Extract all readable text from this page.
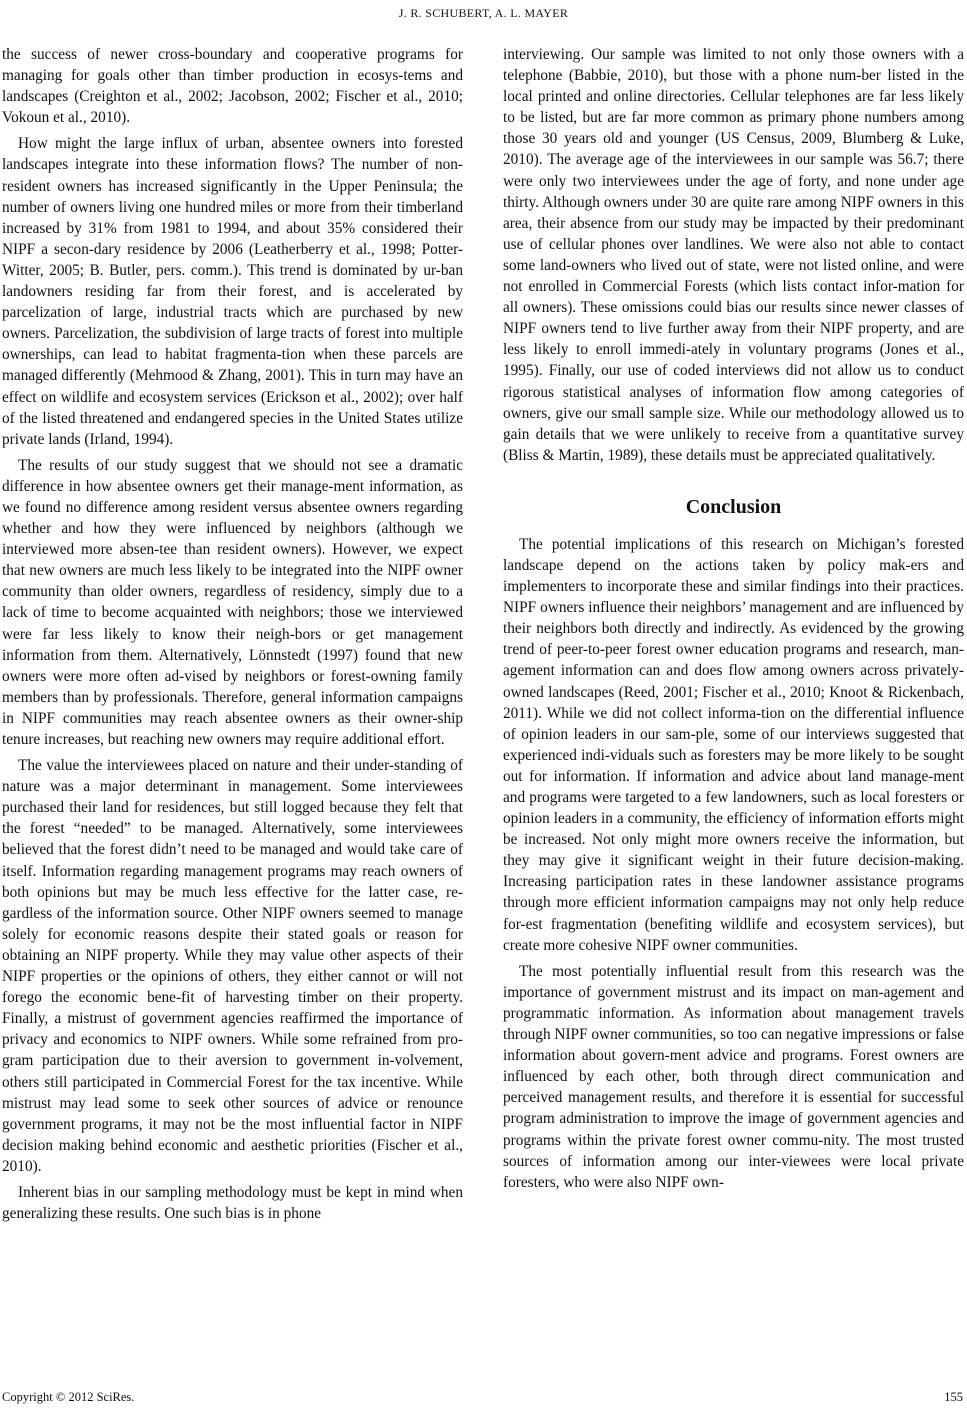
J. R. SCHUBERT, A. L. MAYER

the success of newer cross-boundary and cooperative programs for managing for goals other than timber production in ecosys-tems and landscapes (Creighton et al., 2002; Jacobson, 2002; Fischer et al., 2010; Vokoun et al., 2010).

How might the large influx of urban, absentee owners into forested landscapes integrate into these information flows? The number of non-resident owners has increased significantly in the Upper Peninsula; the number of owners living one hundred miles or more from their timberland increased by 31% from 1981 to 1994, and about 35% considered their NIPF a secon-dary residence by 2006 (Leatherberry et al., 1998; Potter-Witter, 2005; B. Butler, pers. comm.). This trend is dominated by ur-ban landowners residing far from their forest, and is accelerated by parcelization of large, industrial tracts which are purchased by new owners. Parcelization, the subdivision of large tracts of forest into multiple ownerships, can lead to habitat fragmenta-tion when these parcels are managed differently (Mehmood & Zhang, 2001). This in turn may have an effect on wildlife and ecosystem services (Erickson et al., 2002); over half of the listed threatened and endangered species in the United States utilize private lands (Irland, 1994).

The results of our study suggest that we should not see a dramatic difference in how absentee owners get their manage-ment information, as we found no difference among resident versus absentee owners regarding whether and how they were influenced by neighbors (although we interviewed more absen-tee than resident owners). However, we expect that new owners are much less likely to be integrated into the NIPF owner community than older owners, regardless of residency, simply due to a lack of time to become acquainted with neighbors; those we interviewed were far less likely to know their neigh-bors or get management information from them. Alternatively, Lönnstedt (1997) found that new owners were more often ad-vised by neighbors or forest-owning family members than by professionals. Therefore, general information campaigns in NIPF communities may reach absentee owners as their owner-ship tenure increases, but reaching new owners may require additional effort.

The value the interviewees placed on nature and their under-standing of nature was a major determinant in management. Some interviewees purchased their land for residences, but still logged because they felt that the forest “needed” to be managed. Alternatively, some interviewees believed that the forest didn’t need to be managed and would take care of itself. Information regarding management programs may reach owners of both opinions but may be much less effective for the latter case, re-gardless of the information source. Other NIPF owners seemed to manage solely for economic reasons despite their stated goals or reason for obtaining an NIPF property. While they may value other aspects of their NIPF properties or the opinions of others, they either cannot or will not forego the economic bene-fit of harvesting timber on their property. Finally, a mistrust of government agencies reaffirmed the importance of privacy and economics to NIPF owners. While some refrained from pro-gram participation due to their aversion to government in-volvement, others still participated in Commercial Forest for the tax incentive. While mistrust may lead some to seek other sources of advice or renounce government programs, it may not be the most influential factor in NIPF decision making behind economic and aesthetic priorities (Fischer et al., 2010).

Inherent bias in our sampling methodology must be kept in mind when generalizing these results. One such bias is in phone

interviewing. Our sample was limited to not only those owners with a telephone (Babbie, 2010), but those with a phone num-ber listed in the local printed and online directories. Cellular telephones are far less likely to be listed, but are far more common as primary phone numbers among those 30 years old and younger (US Census, 2009, Blumberg & Luke, 2010). The average age of the interviewees in our sample was 56.7; there were only two interviewees under the age of forty, and none under age thirty. Although owners under 30 are quite rare among NIPF owners in this area, their absence from our study may be impacted by their predominant use of cellular phones over landlines. We were also not able to contact some land-owners who lived out of state, were not listed online, and were not enrolled in Commercial Forests (which lists contact infor-mation for all owners). These omissions could bias our results since newer classes of NIPF owners tend to live further away from their NIPF property, and are less likely to enroll immedi-ately in voluntary programs (Jones et al., 1995). Finally, our use of coded interviews did not allow us to conduct rigorous statistical analyses of information flow among categories of owners, give our small sample size. While our methodology allowed us to gain details that we were unlikely to receive from a quantitative survey (Bliss & Martin, 1989), these details must be appreciated qualitatively.

Conclusion

The potential implications of this research on Michigan’s forested landscape depend on the actions taken by policy mak-ers and implementers to incorporate these and similar findings into their practices. NIPF owners influence their neighbors’ management and are influenced by their neighbors both directly and indirectly. As evidenced by the growing trend of peer-to-peer forest owner education programs and research, man-agement information can and does flow among owners across privately-owned landscapes (Reed, 2001; Fischer et al., 2010; Knoot & Rickenbach, 2011). While we did not collect informa-tion on the differential influence of opinion leaders in our sam-ple, some of our interviews suggested that experienced indi-viduals such as foresters may be more likely to be sought out for information. If information and advice about land manage-ment and programs were targeted to a few landowners, such as local foresters or opinion leaders in a community, the efficiency of information efforts might be increased. Not only might more owners receive the information, but they may give it significant weight in their future decision-making. Increasing participation rates in these landowner assistance programs through more efficient information campaigns may not only help reduce for-est fragmentation (benefiting wildlife and ecosystem services), but create more cohesive NIPF owner communities.

The most potentially influential result from this research was the importance of government mistrust and its impact on man-agement and programmatic information. As information about management travels through NIPF owner communities, so too can negative impressions or false information about govern-ment advice and programs. Forest owners are influenced by each other, both through direct communication and perceived management results, and therefore it is essential for successful program administration to improve the image of government agencies and programs within the private forest owner commu-nity. The most trusted sources of information among our inter-viewees were local private foresters, who were also NIPF own-

Copyright © 2012 SciRes.	155
